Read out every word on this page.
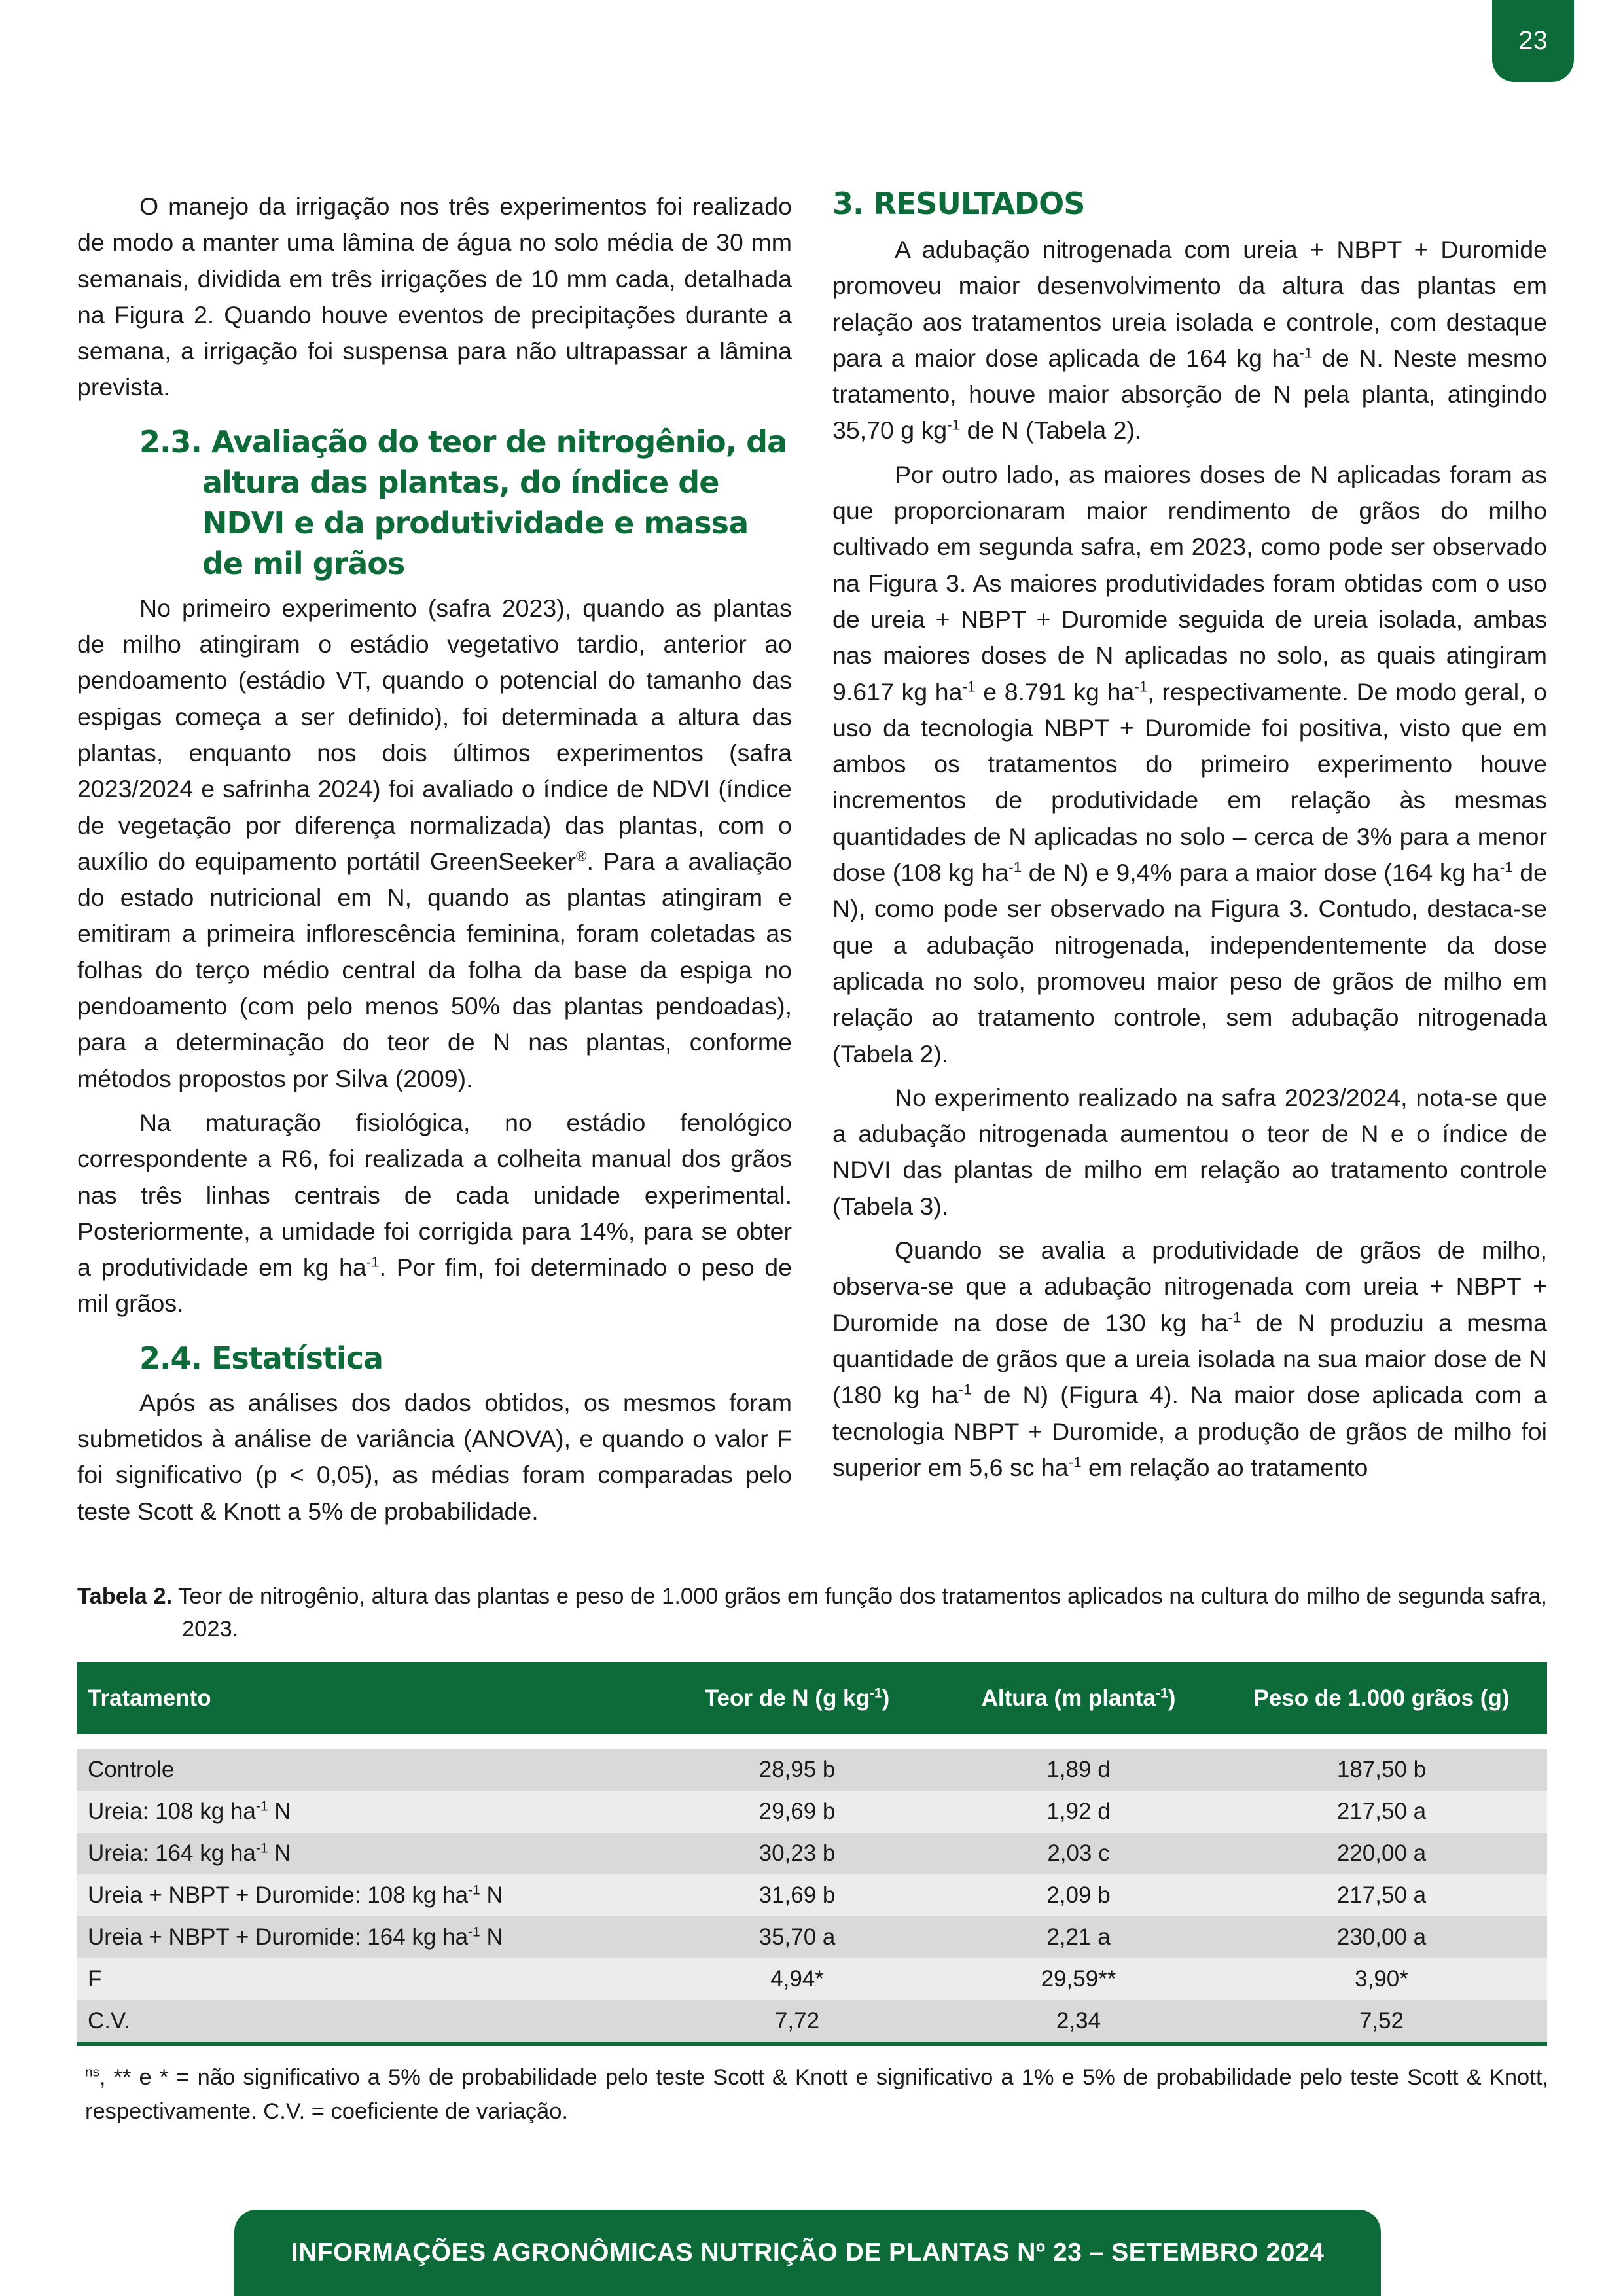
23

O manejo da irrigação nos três experimentos foi realizado de modo a manter uma lâmina de água no solo média de 30 mm semanais, dividida em três irrigações de 10 mm cada, detalhada na Figura 2. Quando houve eventos de precipitações durante a semana, a irrigação foi suspensa para não ultrapassar a lâmina prevista.

2.3. Avaliação do teor de nitrogênio, da altura das plantas, do índice de NDVI e da produtividade e massa de mil grãos

No primeiro experimento (safra 2023), quando as plantas de milho atingiram o estádio vegetativo tardio, anterior ao pendoamento (estádio VT, quando o potencial do tamanho das espigas começa a ser definido), foi determinada a altura das plantas, enquanto nos dois últimos experimentos (safra 2023/2024 e safrinha 2024) foi avaliado o índice de NDVI (índice de vegetação por diferença normalizada) das plantas, com o auxílio do equipamento portátil GreenSeeker®. Para a avaliação do estado nutricional em N, quando as plantas atingiram e emitiram a primeira inflorescência feminina, foram coletadas as folhas do terço médio central da folha da base da espiga no pendoamento (com pelo menos 50% das plantas pendoadas), para a determinação do teor de N nas plantas, conforme métodos propostos por Silva (2009).

Na maturação fisiológica, no estádio fenológico correspondente a R6, foi realizada a colheita manual dos grãos nas três linhas centrais de cada unidade experimental. Posteriormente, a umidade foi corrigida para 14%, para se obter a produtividade em kg $ha^{-1}$. Por fim, foi determinado o peso de mil grãos.

2.4. Estatística

Após as análises dos dados obtidos, os mesmos foram submetidos à análise de variância (ANOVA), e quando o valor F foi significativo (p < 0,05), as médias foram comparadas pelo teste Scott & Knott a 5% de probabilidade.

3. RESULTADOS

A adubação nitrogenada com ureia + NBPT + Duromide promoveu maior desenvolvimento da altura das plantas em relação aos tratamentos ureia isolada e controle, com destaque para a maior dose aplicada de 164 kg $ha^{-1}$ de N. Neste mesmo tratamento, houve maior absorção de N pela planta, atingindo 35,70 g $kg^{-1}$ de N (Tabela 2).

Por outro lado, as maiores doses de N aplicadas foram as que proporcionaram maior rendimento de grãos do milho cultivado em segunda safra, em 2023, como pode ser observado na Figura 3. As maiores produtividades foram obtidas com o uso de ureia + NBPT + Duromide seguida de ureia isolada, ambas nas maiores doses de N aplicadas no solo, as quais atingiram 9.617 kg $ha^{-1}$ e 8.791 kg $ha^{-1}$, respectivamente. De modo geral, o uso da tecnologia NBPT + Duromide foi positiva, visto que em ambos os tratamentos do primeiro experimento houve incrementos de produtividade em relação às mesmas quantidades de N aplicadas no solo – cerca de 3% para a menor dose (108 kg $ha^{-1}$ de N) e 9,4% para a maior dose (164 kg $ha^{-1}$ de N), como pode ser observado na Figura 3. Contudo, destaca-se que a adubação nitrogenada, independentemente da dose aplicada no solo, promoveu maior peso de grãos de milho em relação ao tratamento controle, sem adubação nitrogenada (Tabela 2).

No experimento realizado na safra 2023/2024, nota-se que a adubação nitrogenada aumentou o teor de N e o índice de NDVI das plantas de milho em relação ao tratamento controle (Tabela 3).

Quando se avalia a produtividade de grãos de milho, observa-se que a adubação nitrogenada com ureia + NBPT + Duromide na dose de 130 kg $ha^{-1}$ de N produziu a mesma quantidade de grãos que a ureia isolada na sua maior dose de N (180 kg $ha^{-1}$ de N) (Figura 4). Na maior dose aplicada com a tecnologia NBPT + Duromide, a produção de grãos de milho foi superior em 5,6 sc $ha^{-1}$ em relação ao tratamento

Tabela 2. Teor de nitrogênio, altura das plantas e peso de 1.000 grãos em função dos tratamentos aplicados na cultura do milho de segunda safra, 2023.
Tratamento	Teor de N (g $kg^{-1}$)	Altura (m planta$^{-1}$)	Peso de 1.000 grãos (g)

Controle	28,95 b	1,89 d	187,50 b
Ureia: 108 kg $ha^{-1}$ N	29,69 b	1,92 d	217,50 a
Ureia: 164 kg $ha^{-1}$ N	30,23 b	2,03 c	220,00 a
Ureia + NBPT + Duromide: 108 kg $ha^{-1}$ N	31,69 b	2,09 b	217,50 a
Ureia + NBPT + Duromide: 164 kg $ha^{-1}$ N	35,70 a	2,21 a	230,00 a
F	4,94*	29,59**	3,90*
C.V.	7,72	2,34	7,52
$^{ns}$, ** e * = não significativo a 5% de probabilidade pelo teste Scott & Knott e significativo a 1% e 5% de probabilidade pelo teste Scott & Knott, respectivamente. C.V. = coeficiente de variação.
INFORMAÇÕES AGRONÔMICAS NUTRIÇÃO DE PLANTAS Nº 23 – SETEMBRO 2024
